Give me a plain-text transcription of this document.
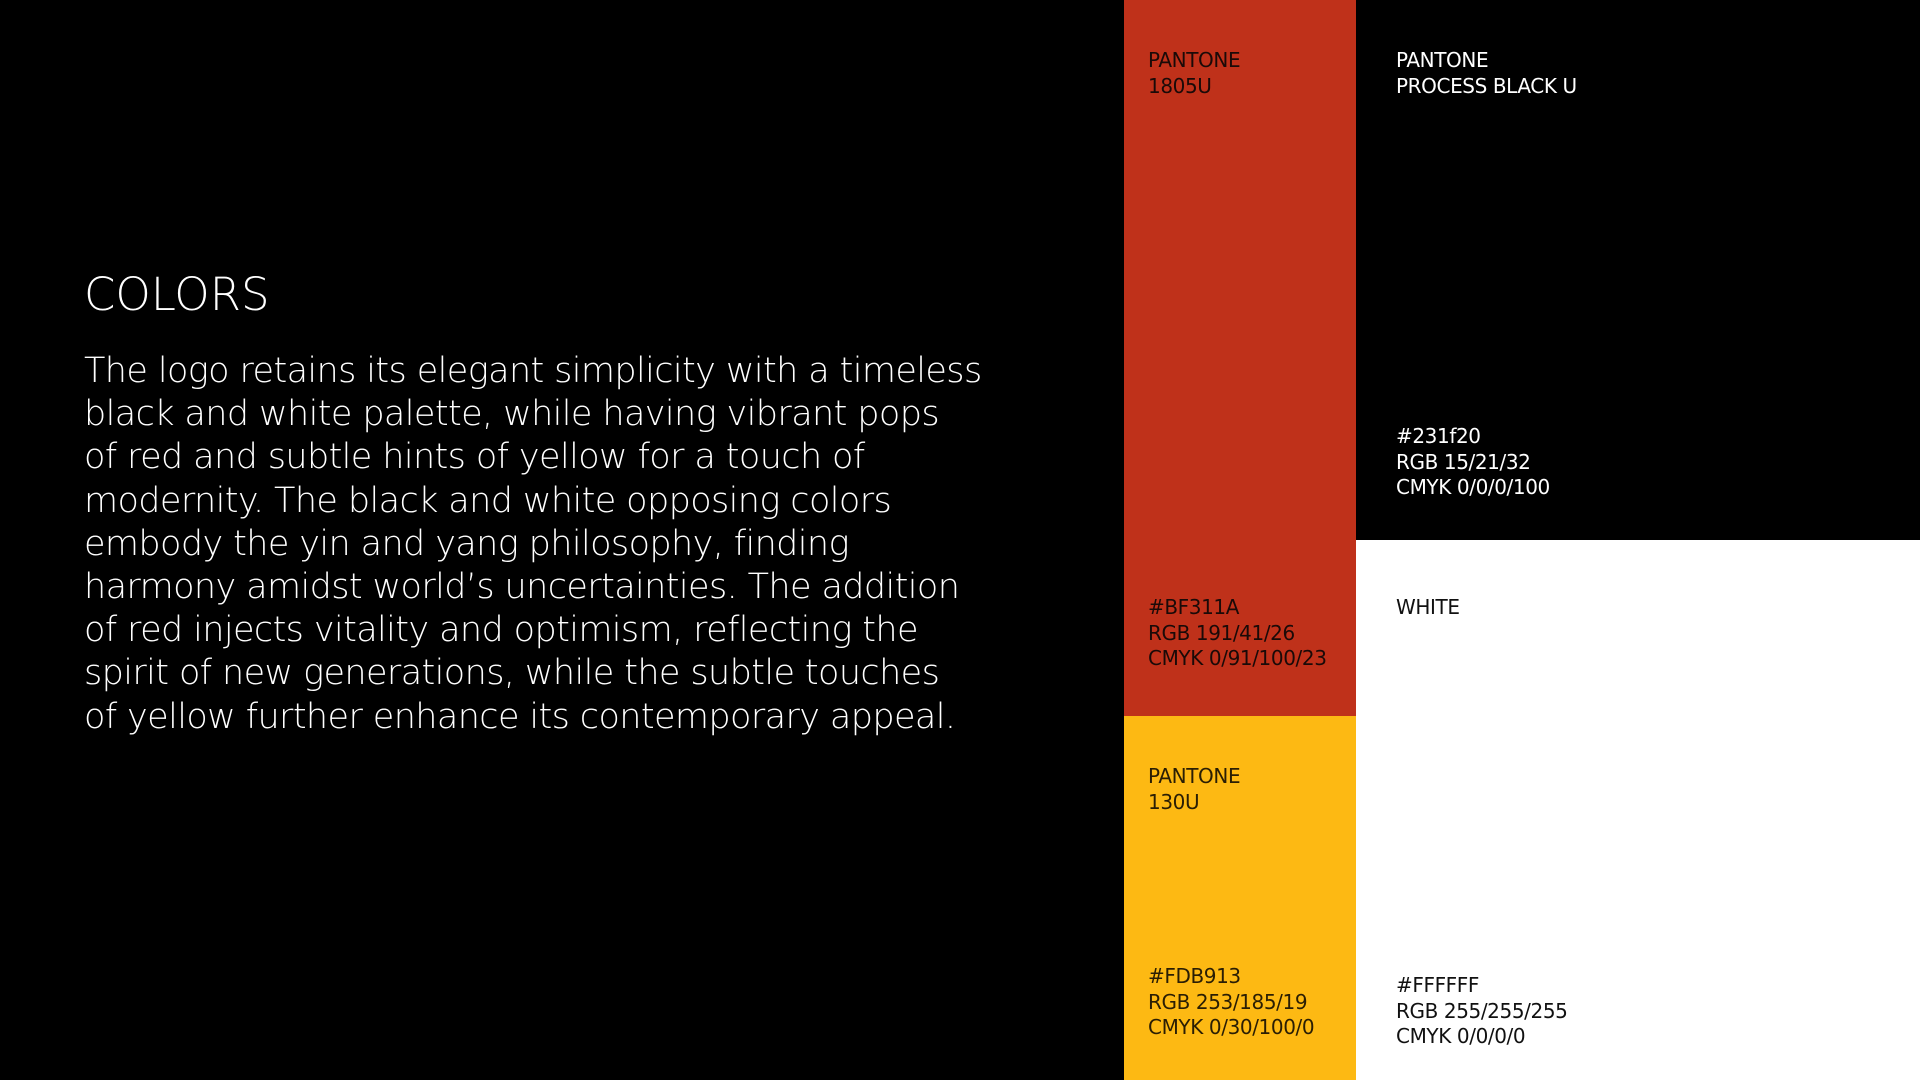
COLORS

The logo retains its elegant simplicity with a timeless
black and white palette, while having vibrant pops
of red and subtle hints of yellow for a touch of
modernity. The black and white opposing colors
embody the yin and yang philosophy, finding
harmony amidst world’s uncertainties. The addition
of red injects vitality and optimism, reflecting the
spirit of new generations, while the subtle touches
of yellow further enhance its contemporary appeal.

PANTONE
1805U
#BF311A
RGB 191/41/26
CMYK 0/91/100/23
PANTONE
130U
#FDB913
RGB 253/185/19
CMYK 0/30/100/0
PANTONE
PROCESS BLACK U
#231f20
RGB 15/21/32
CMYK 0/0/0/100
WHITE
#FFFFFF
RGB 255/255/255
CMYK 0/0/0/0
